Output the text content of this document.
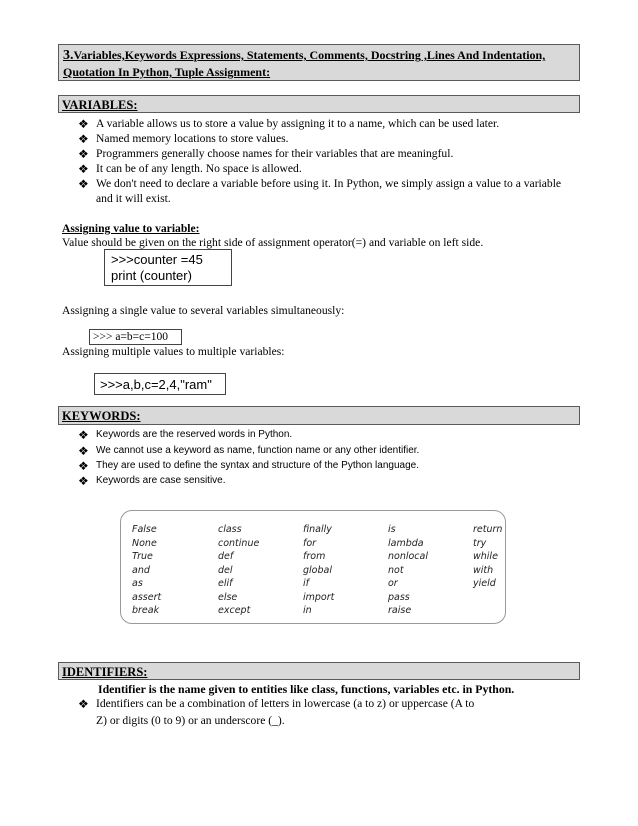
3.Variables,Keywords Expressions, Statements, Comments, Docstring ,Lines And Indentation,
Quotation In Python, Tuple Assignment:
VARIABLES:
❖ A variable allows us to store a value by assigning it to a name, which can be used later.
❖ Named memory locations to store values.
❖ Programmers generally choose names for their variables that are meaningful.
❖ It can be of any length. No space is allowed.
❖ We don't need to declare a variable before using it. In Python, we simply assign a value to a variable and it will exist.
Assigning value to variable:
Value should be given on the right side of assignment operator(=) and variable on left side.
>>>counter =45
print (counter)
Assigning a single value to several variables simultaneously:
>>> a=b=c=100
Assigning multiple values to multiple variables:
>>>a,b,c=2,4,"ram"
KEYWORDS:
❖ Keywords are the reserved words in Python.
❖ We cannot use a keyword as name, function name or any other identifier.
❖ They are used to define the syntax and structure of the Python language.
❖ Keywords are case sensitive.
False
None
True
and
as
assert
break
class
continue
def
del
elif
else
except
finally
for
from
global
if
import
in
is
lambda
nonlocal
not
or
pass
raise
return
try
while
with
yield
IDENTIFIERS:
Identifier is the name given to entities like class, functions, variables etc. in Python.
❖ Identifiers can be a combination of letters in lowercase (a to z) or uppercase (A to
Z) or digits (0 to 9) or an underscore (_).
